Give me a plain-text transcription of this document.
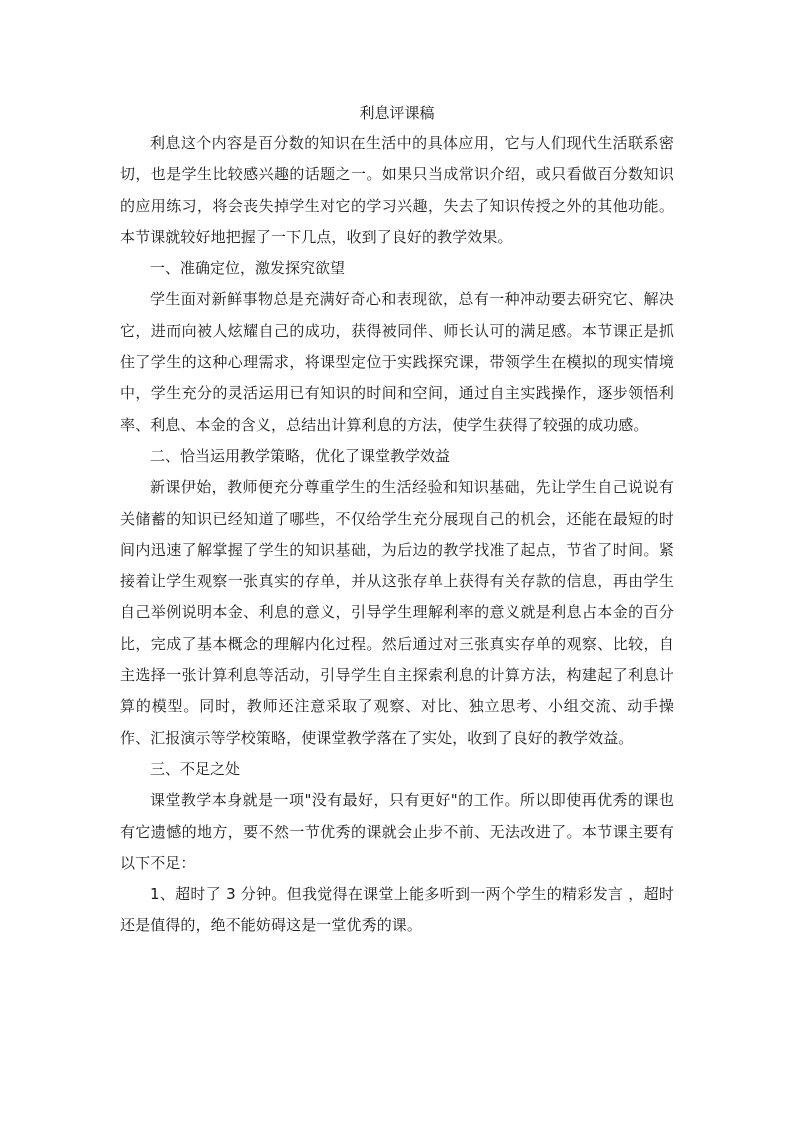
利息评课稿

利息这个内容是百分数的知识在生活中的具体应用，它与人们现代生活联系密切，也是学生比较感兴趣的话题之一。如果只当成常识介绍，或只看做百分数知识的应用练习，将会丧失掉学生对它的学习兴趣，失去了知识传授之外的其他功能。本节课就较好地把握了一下几点，收到了良好的教学效果。

一、准确定位，激发探究欲望

学生面对新鲜事物总是充满好奇心和表现欲，总有一种冲动要去研究它、解决它，进而向被人炫耀自己的成功，获得被同伴、师长认可的满足感。本节课正是抓住了学生的这种心理需求，将课型定位于实践探究课，带领学生在模拟的现实情境中，学生充分的灵活运用已有知识的时间和空间，通过自主实践操作，逐步领悟利率、利息、本金的含义，总结出计算利息的方法，使学生获得了较强的成功感。

二、恰当运用教学策略，优化了课堂教学效益

新课伊始，教师便充分尊重学生的生活经验和知识基础，先让学生自己说说有关储蓄的知识已经知道了哪些，不仅给学生充分展现自己的机会，还能在最短的时间内迅速了解掌握了学生的知识基础，为后边的教学找准了起点，节省了时间。紧接着让学生观察一张真实的存单，并从这张存单上获得有关存款的信息，再由学生自己举例说明本金、利息的意义，引导学生理解利率的意义就是利息占本金的百分比，完成了基本概念的理解内化过程。然后通过对三张真实存单的观察、比较，自主选择一张计算利息等活动，引导学生自主探索利息的计算方法，构建起了利息计算的模型。同时，教师还注意采取了观察、对比、独立思考、小组交流、动手操作、汇报演示等学校策略，使课堂教学落在了实处，收到了良好的教学效益。

三、不足之处

课堂教学本身就是一项"没有最好，只有更好"的工作。所以即使再优秀的课也有它遗憾的地方，要不然一节优秀的课就会止步不前、无法改进了。本节课主要有以下不足：

1、超时了 3 分钟。但我觉得在课堂上能多听到一两个学生的精彩发言 ，超时还是值得的，绝不能妨碍这是一堂优秀的课。
